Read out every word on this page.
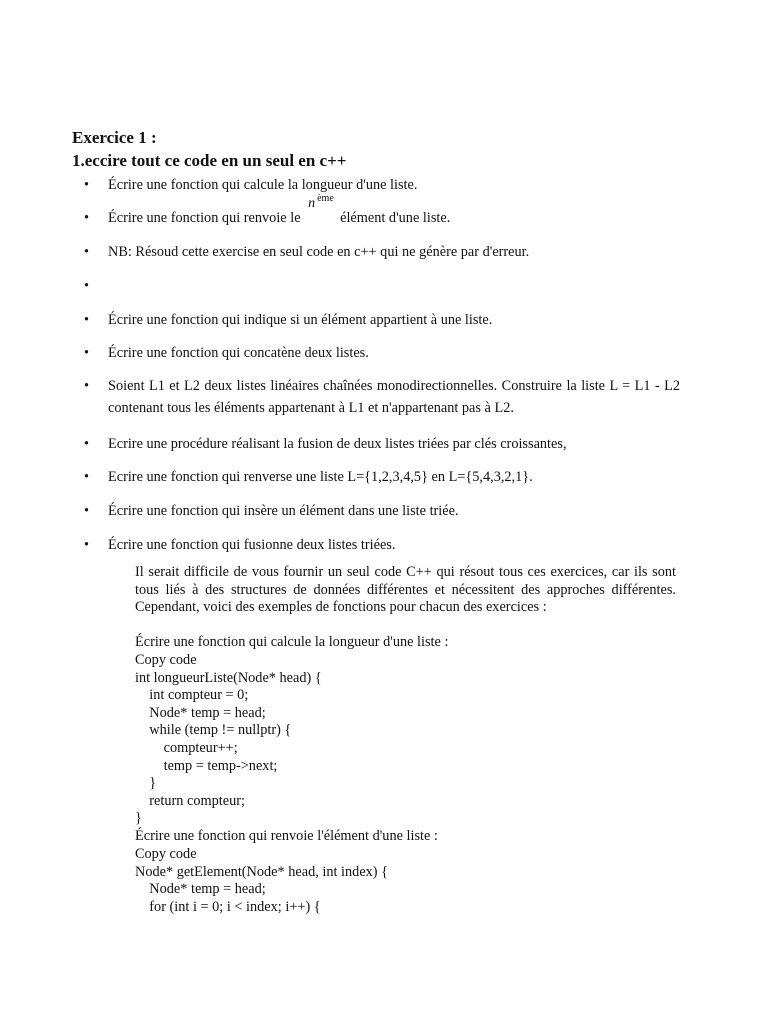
Exercice 1 :
1.eccire tout ce code en un seul en c++
•	Écrire une fonction qui calcule la longueur d'une liste.
•	Écrire une fonction qui renvoie le
n ème
élément d'une liste.
•	NB: Résoud cette exercise en seul code en c++ qui ne génère par d'erreur.
•
•	Écrire une fonction qui indique si un élément appartient à une liste.
•	Écrire une fonction qui concatène deux listes.
•	Soient L1 et L2 deux listes linéaires chaînées monodirectionnelles. Construire la liste L = L1 - L2 contenant tous les éléments appartenant à L1 et n'appartenant pas à L2.
•	Ecrire une procédure réalisant la fusion de deux listes triées par clés croissantes,
•	Ecrire une fonction qui renverse une liste L={1,2,3,4,5} en L={5,4,3,2,1}.
•	Écrire une fonction qui insère un élément dans une liste triée.
•	Écrire une fonction qui fusionne deux listes triées.
Il serait difficile de vous fournir un seul code C++ qui résout tous ces exercices, car ils sont tous liés à des structures de données différentes et nécessitent des approches différentes. Cependant, voici des exemples de fonctions pour chacun des exercices :
Écrire une fonction qui calcule la longueur d'une liste :
Copy code
int longueurListe(Node* head) {
int compteur = 0;
Node* temp = head;
while (temp != nullptr) {
compteur++;
temp = temp->next;
}
return compteur;
}
Écrire une fonction qui renvoie l'élément d'une liste :
Copy code
Node* getElement(Node* head, int index) {
Node* temp = head;
for (int i = 0; i < index; i++) {
